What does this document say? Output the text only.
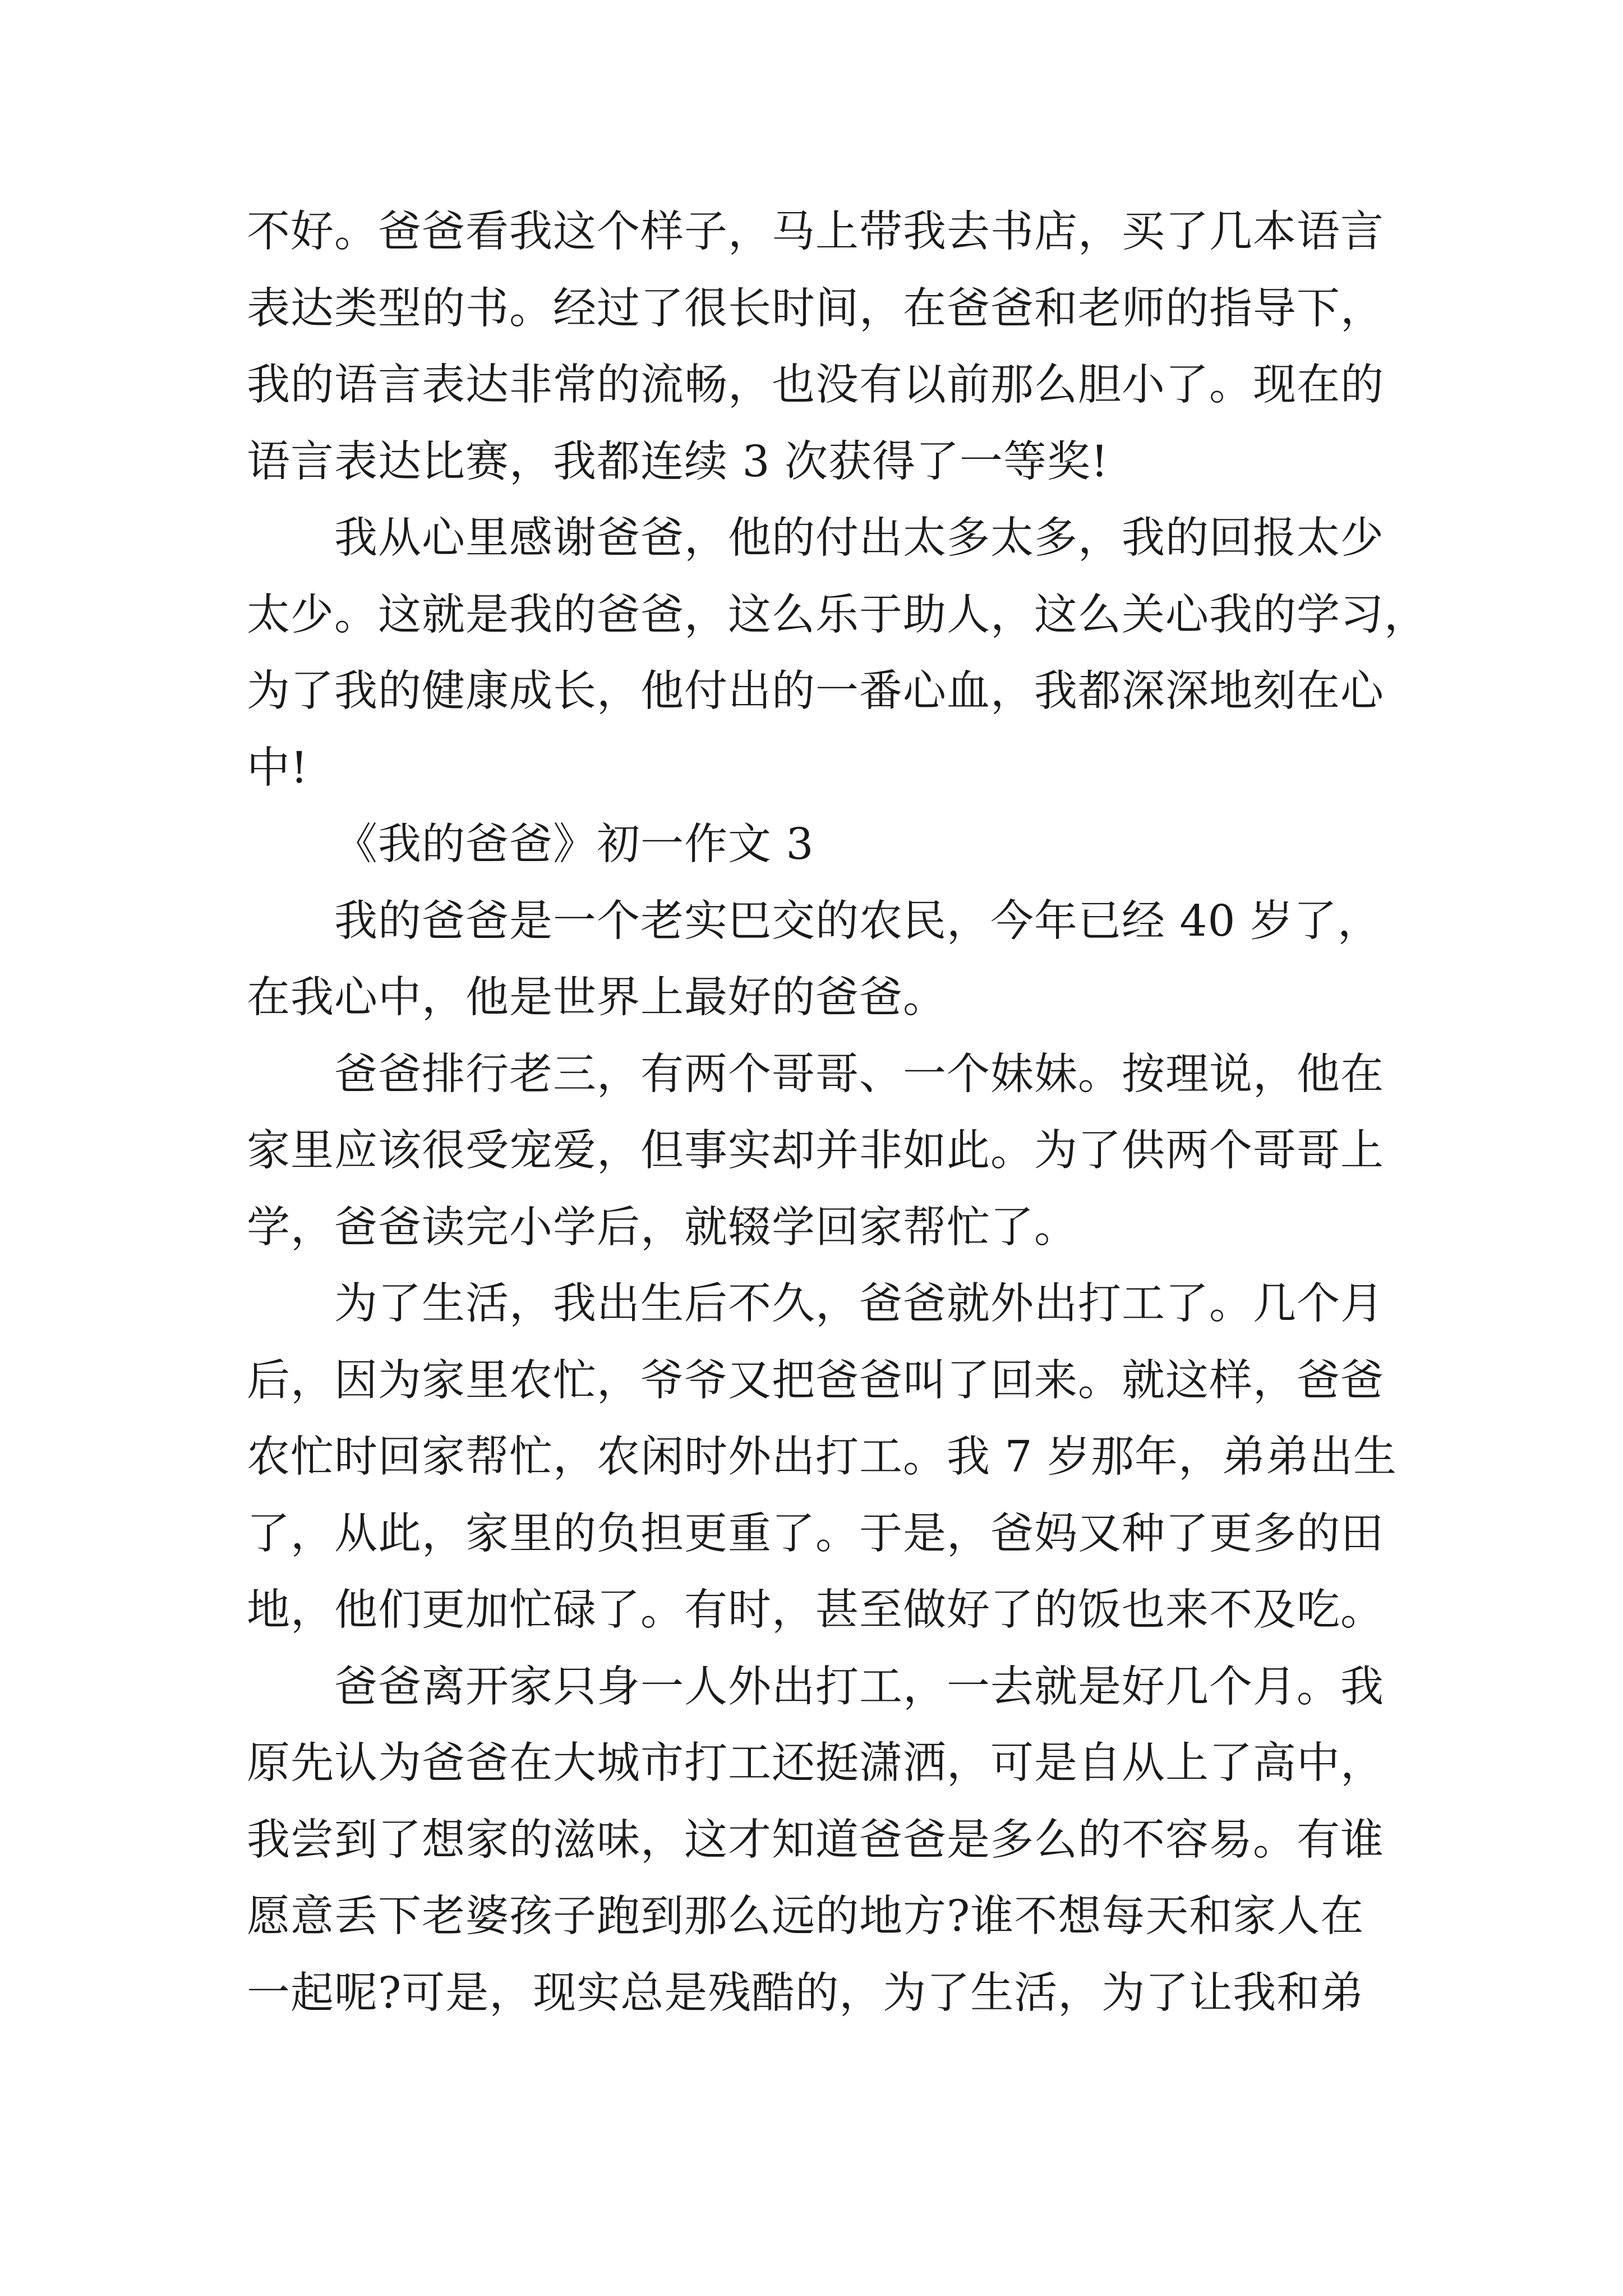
不好。爸爸看我这个样子，马上带我去书店，买了几本语言
表达类型的书。经过了很长时间，在爸爸和老师的指导下，
我的语言表达非常的流畅，也没有以前那么胆小了。现在的
语言表达比赛，我都连续 3 次获得了一等奖!
我从心里感谢爸爸，他的付出太多太多，我的回报太少
太少。这就是我的爸爸，这么乐于助人，这么关心我的学习，
为了我的健康成长，他付出的一番心血，我都深深地刻在心
中!
《我的爸爸》初一作文 3
我的爸爸是一个老实巴交的农民，今年已经 40 岁了，
在我心中，他是世界上最好的爸爸。
爸爸排行老三，有两个哥哥、一个妹妹。按理说，他在
家里应该很受宠爱，但事实却并非如此。为了供两个哥哥上
学，爸爸读完小学后，就辍学回家帮忙了。
为了生活，我出生后不久，爸爸就外出打工了。几个月
后，因为家里农忙，爷爷又把爸爸叫了回来。就这样，爸爸
农忙时回家帮忙，农闲时外出打工。我 7 岁那年，弟弟出生
了，从此，家里的负担更重了。于是，爸妈又种了更多的田
地，他们更加忙碌了。有时，甚至做好了的饭也来不及吃。
爸爸离开家只身一人外出打工，一去就是好几个月。我
原先认为爸爸在大城市打工还挺潇洒，可是自从上了高中，
我尝到了想家的滋味，这才知道爸爸是多么的不容易。有谁
愿意丢下老婆孩子跑到那么远的地方?谁不想每天和家人在
一起呢?可是，现实总是残酷的，为了生活，为了让我和弟
